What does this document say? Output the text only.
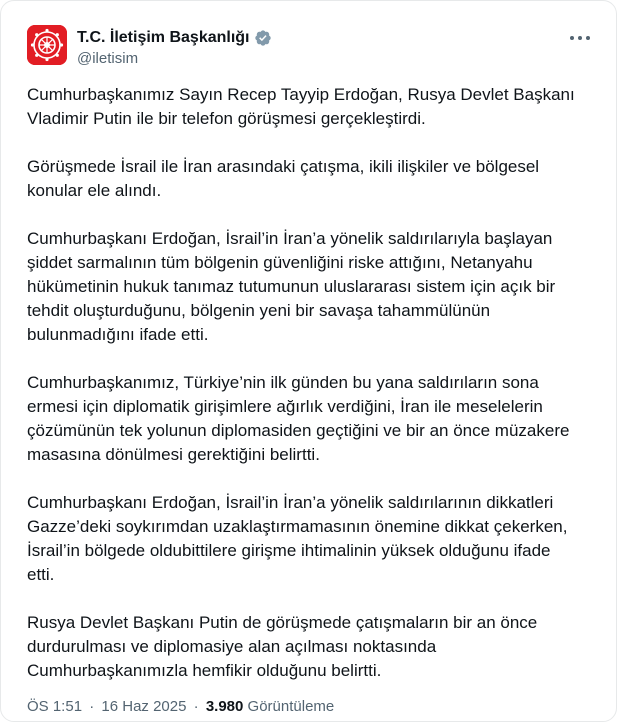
T.C. İletişim Başkanlığı
@iletisim

Cumhurbaşkanımız Sayın Recep Tayyip Erdoğan, Rusya Devlet Başkanı
Vladimir Putin ile bir telefon görüşmesi gerçekleştirdi.

Görüşmede İsrail ile İran arasındaki çatışma, ikili ilişkiler ve bölgesel
konular ele alındı.

Cumhurbaşkanı Erdoğan, İsrail’in İran’a yönelik saldırılarıyla başlayan
şiddet sarmalının tüm bölgenin güvenliğini riske attığını, Netanyahu
hükümetinin hukuk tanımaz tutumunun uluslararası sistem için açık bir
tehdit oluşturduğunu, bölgenin yeni bir savaşa tahammülünün
bulunmadığını ifade etti.

Cumhurbaşkanımız, Türkiye’nin ilk günden bu yana saldırıların sona
ermesi için diplomatik girişimlere ağırlık verdiğini, İran ile meselelerin
çözümünün tek yolunun diplomasiden geçtiğini ve bir an önce müzakere
masasına dönülmesi gerektiğini belirtti.

Cumhurbaşkanı Erdoğan, İsrail’in İran’a yönelik saldırılarının dikkatleri
Gazze’deki soykırımdan uzaklaştırmamasının önemine dikkat çekerken,
İsrail’in bölgede oldubittilere girişme ihtimalinin yüksek olduğunu ifade
etti.

Rusya Devlet Başkanı Putin de görüşmede çatışmaların bir an önce
durdurulması ve diplomasiye alan açılması noktasında
Cumhurbaşkanımızla hemfikir olduğunu belirtti.

ÖS 1:51 · 16 Haz 2025 · 3.980 Görüntüleme
